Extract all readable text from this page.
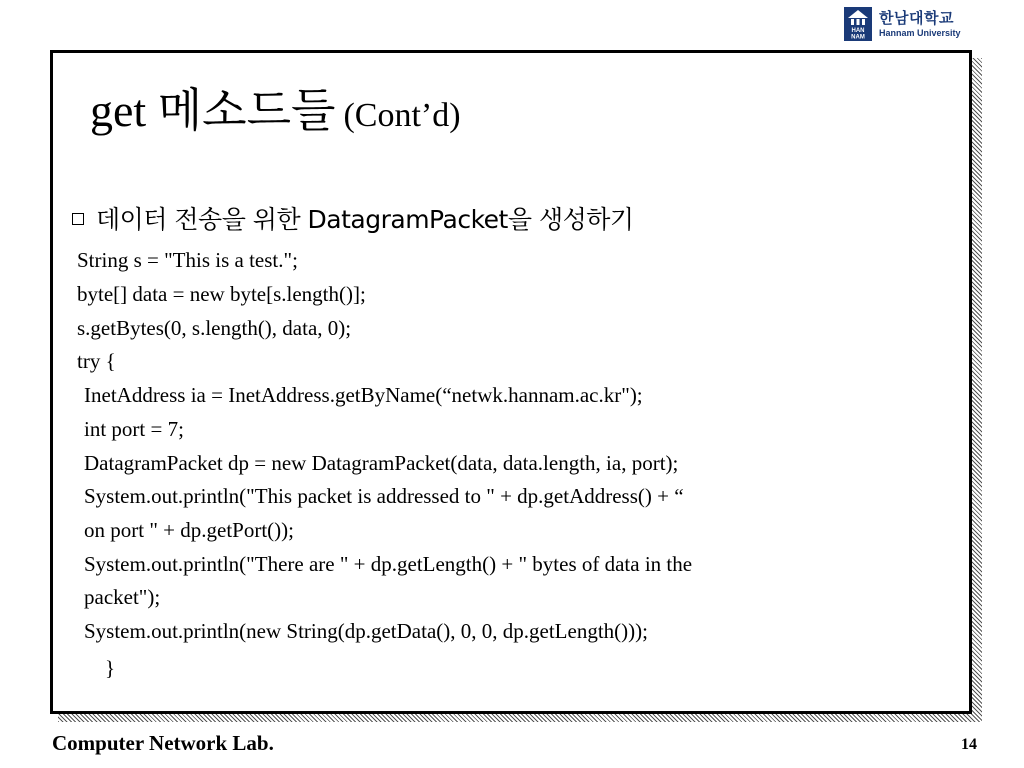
HAN
NAM
한남대학교
Hannam University
get 메소드들 (Cont’d)
데이터 전송을 위한 DatagramPacket을 생성하기
String s = "This is a test.";
byte[] data = new byte[s.length()];
s.getBytes(0, s.length(), data, 0);
try {
InetAddress ia = InetAddress.getByName(“netwk.hannam.ac.kr");
int port = 7;
DatagramPacket dp = new DatagramPacket(data, data.length, ia, port);
System.out.println("This packet is addressed to " + dp.getAddress() + “
on port " + dp.getPort());
System.out.println("There are " + dp.getLength() + " bytes of data in the
packet");
System.out.println(new String(dp.getData(), 0, 0, dp.getLength()));
}
Computer Network Lab.	14
